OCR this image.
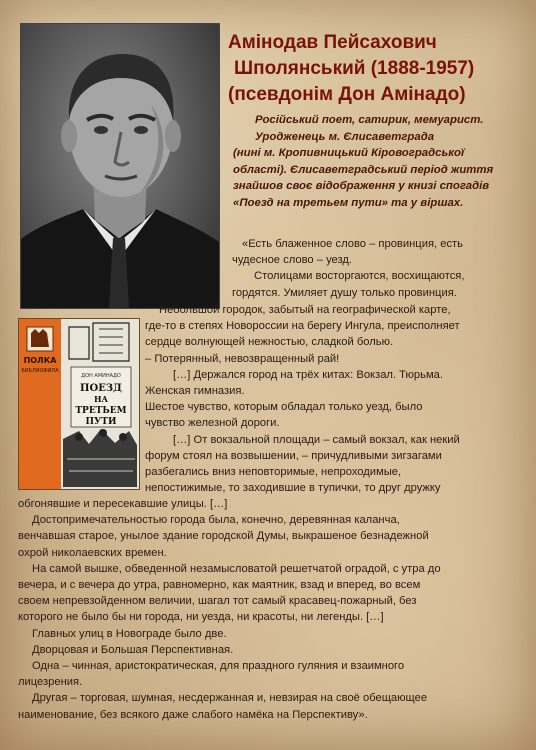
ПОЛКА
БИБЛИОФИЛА
ДОН АМИНАДО
ПОЕЗД
НА
ТРЕТЬЕМ
ПУТИ
Амінодав Пейсахович
Шполянський (1888-1957)
(псевдонім Дон Амінадо)

Російський поет, сатирик, мемуарист.

Уродженець м. Єлисаветграда

(нині м. Кропивницький Кіровоградської

області). Єлисаветградський період життя

знайшов своє відображення у книзі спогадів

«Поезд на третьем пути» та у віршах.

«Есть блаженное слово – провинция, есть

чудесное слово – уезд.

Столицами восторгаются, восхищаются,

гордятся. Умиляет душу только провинция.

Небольшой городок, забытый на географической карте,

где-то в степях Новороссии на берегу Ингула, преисполняет

сердце волнующей нежностью, сладкой болью.

– Потерянный, невозвращенный рай!

[…] Держался город на трёх китах: Вокзал. Тюрьма.

Женская гимназия.

Шестое чувство, которым обладал только уезд, было

чувство железной дороги.

[…] От вокзальной площади – самый вокзал, как некий

форум стоял на возвышении, – причудливыми зигзагами

разбегались вниз неповторимые, непроходимые,

непостижимые, то заходившие в тупички, то друг дружку

обгонявшие и пересекавшие улицы. […]

Достопримечательностью города была, конечно, деревянная каланча,

венчавшая старое, унылое здание городской Думы, выкрашеное безнадежной

охрой николаевских времен.

На самой вышке, обведенной незамысловатой решетчатой оградой, с утра до

вечера, и с вечера до утра, равномерно, как маятник, взад и вперед, во всем

своем непревзойденном величии, шагал тот самый красавец-пожарный, без

которого не было бы ни города, ни уезда, ни красоты, ни легенды. […]

Главных улиц в Новограде было две.

Дворцовая и Большая Перспективная.

Одна – чинная, аристократическая, для праздного гуляния и взаимного

лицезрения.

Другая – торговая, шумная, несдержанная и, невзирая на своё обещающее

наименование, без всякого даже слабого намёка на Перспективу».
